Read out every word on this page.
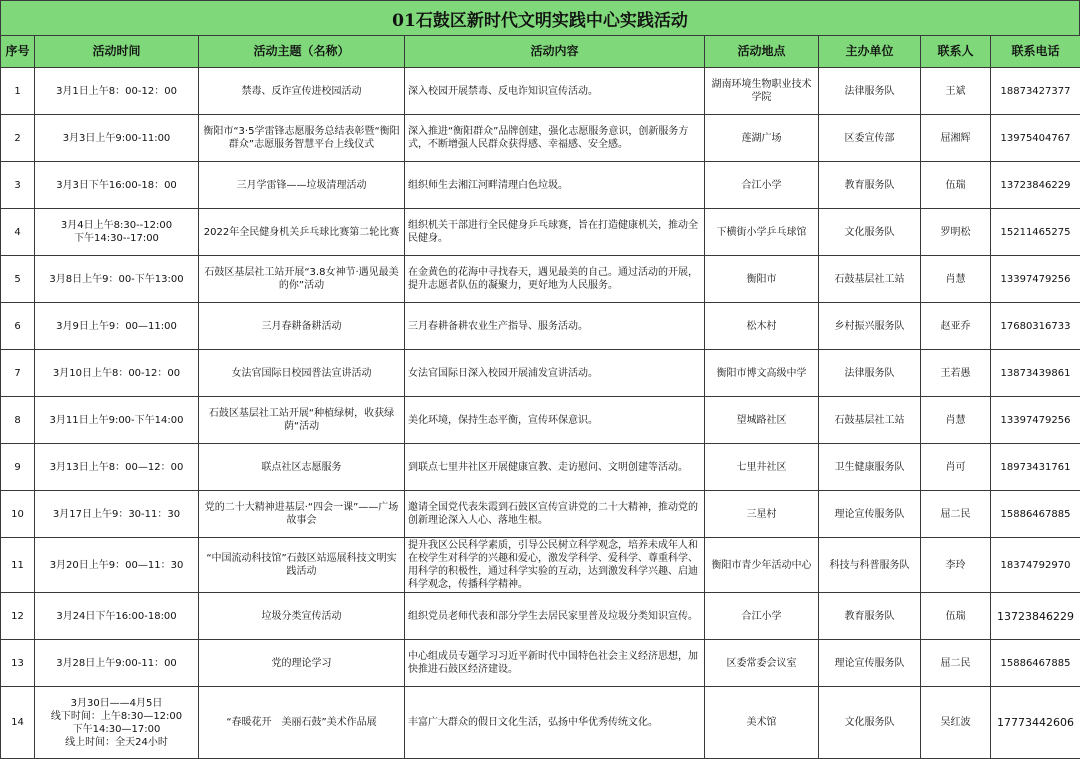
01石鼓区新时代文明实践中心实践活动
序号	活动时间	活动主题（名称）	活动内容	活动地点	主办单位	联系人	联系电话
1	3月1日上午8：00-12：00	禁毒、反诈宣传进校园活动	深入校园开展禁毒、反电诈知识宣传活动。	湖南环境生物职业技术学院	法律服务队	王斌	18873427377
2	3月3日上午9:00-11:00	衡阳市“3·5学雷锋志愿服务总结表彰暨“衡阳群众”志愿服务智慧平台上线仪式	深入推进“衡阳群众”品牌创建，强化志愿服务意识，创新服务方式，不断增强人民群众获得感、幸福感、安全感。	莲湖广场	区委宣传部	屈湘辉	13975404767
3	3月3日下午16:00-18：00	三月学雷锋——垃圾清理活动	组织师生去湘江河畔清理白色垃圾。	合江小学	教育服务队	伍瑞	13723846229
4	3月4日上午8:30--12:00
下午14:30--17:00	2022年全民健身机关乒乓球比赛第二轮比赛	组织机关干部进行全民健身乒乓球赛，旨在打造健康机关，推动全民健身。	下横街小学乒乓球馆	文化服务队	罗明松	15211465275
5	3月8日上午9：00-下午13:00	石鼓区基层社工站开展“3.8女神节·遇见最美的你”活动	在金黄色的花海中寻找春天，遇见最美的自己。通过活动的开展，提升志愿者队伍的凝聚力，更好地为人民服务。	衡阳市	石鼓基层社工站	肖慧	13397479256
6	3月9日上午9：00—11:00	三月春耕备耕活动	三月春耕备耕农业生产指导、服务活动。	松木村	乡村振兴服务队	赵亚乔	17680316733
7	3月10日上午8：00-12：00	女法官国际日校园普法宣讲活动	女法官国际日深入校园开展浦发宣讲活动。	衡阳市博文高级中学	法律服务队	王若愚	13873439861
8	3月11日上午9:00-下午14:00	石鼓区基层社工站开展“种植绿树，收获绿荫“活动	美化环境，保持生态平衡，宣传环保意识。	望城路社区	石鼓基层社工站	肖慧	13397479256
9	3月13日上午8：00—12：00	联点社区志愿服务	到联点七里井社区开展健康宣教、走访慰问、文明创建等活动。	七里井社区	卫生健康服务队	肖可	18973431761
10	3月17日上午9：30-11：30	党的二十大精神进基层·“四会一课”——广场故事会	邀请全国党代表朱霞到石鼓区宣传宣讲党的二十大精神，推动党的创新理论深入人心、落地生根。	三星村	理论宣传服务队	屈二民	15886467885
11	3月20日上午9：00—11：30	“中国流动科技馆”石鼓区站巡展科技文明实践活动	提升我区公民科学素质，引导公民树立科学观念，培养未成年人和在校学生对科学的兴趣和爱心，激发学科学、爱科学、尊重科学、用科学的积极性，通过科学实验的互动，达到激发科学兴趣、启迪科学观念，传播科学精神。	衡阳市青少年活动中心	科技与科普服务队	李玲	18374792970
12	3月24日下午16:00-18:00	垃圾分类宣传活动	组织党员老师代表和部分学生去居民家里普及垃圾分类知识宣传。	合江小学	教育服务队	伍瑞	13723846229
13	3月28日上午9:00-11：00	党的理论学习	中心组成员专题学习习近平新时代中国特色社会主义经济思想，加快推进石鼓区经济建设。	区委常委会议室	理论宣传服务队	屈二民	15886467885
14	3月30日——4月5日
线下时间：上午8:30—12:00
下午14:30—17:00
线上时间：全天24小时	“春暖花开　美丽石鼓”美术作品展	丰富广大群众的假日文化生活，弘扬中华优秀传统文化。	美术馆	文化服务队	吴红波	17773442606
